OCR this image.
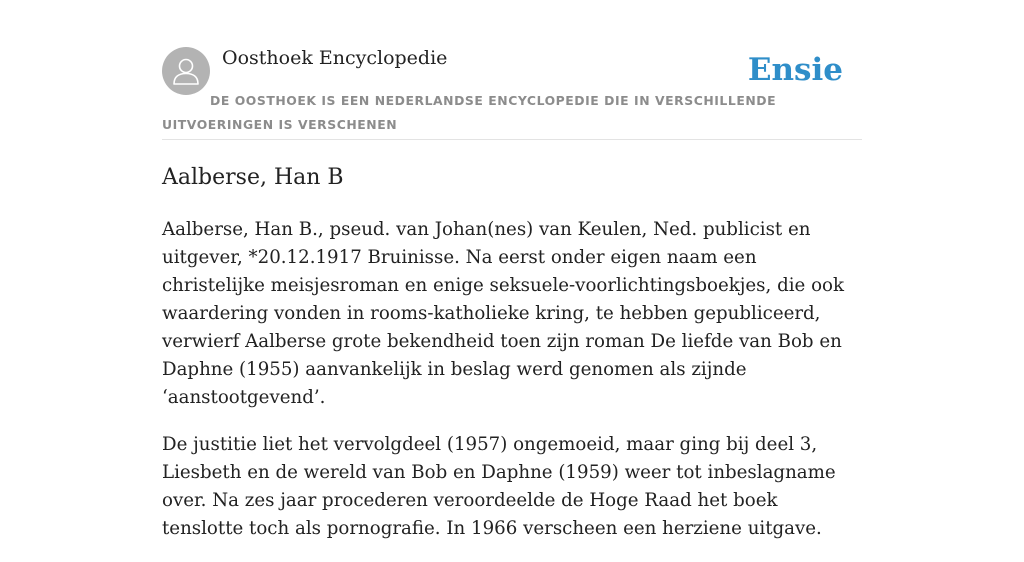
Oosthoek Encyclopedie	Ensie
DE OOSTHOEK IS EEN NEDERLANDSE ENCYCLOPEDIE DIE IN VERSCHILLENDE UITVOERINGEN IS VERSCHENEN
Aalberse, Han B

Aalberse, Han B., pseud. van Johan(nes) van Keulen, Ned. publicist en uitgever, *20.12.1917 Bruinisse. Na eerst onder eigen naam een christelijke meisjesroman en enige seksuele-voorlichtingsboekjes, die ook waardering vonden in rooms-katholieke kring, te hebben gepubliceerd, verwierf Aalberse grote bekendheid toen zijn roman De liefde van Bob en Daphne (1955) aanvankelijk in beslag werd genomen als zijnde ‘aanstootgevend’.

De justitie liet het vervolgdeel (1957) ongemoeid, maar ging bij deel 3, Liesbeth en de wereld van Bob en Daphne (1959) weer tot inbeslagname over. Na zes jaar procederen veroordeelde de Hoge Raad het boek tenslotte toch als pornografie. In 1966 verscheen een herziene uitgave.
